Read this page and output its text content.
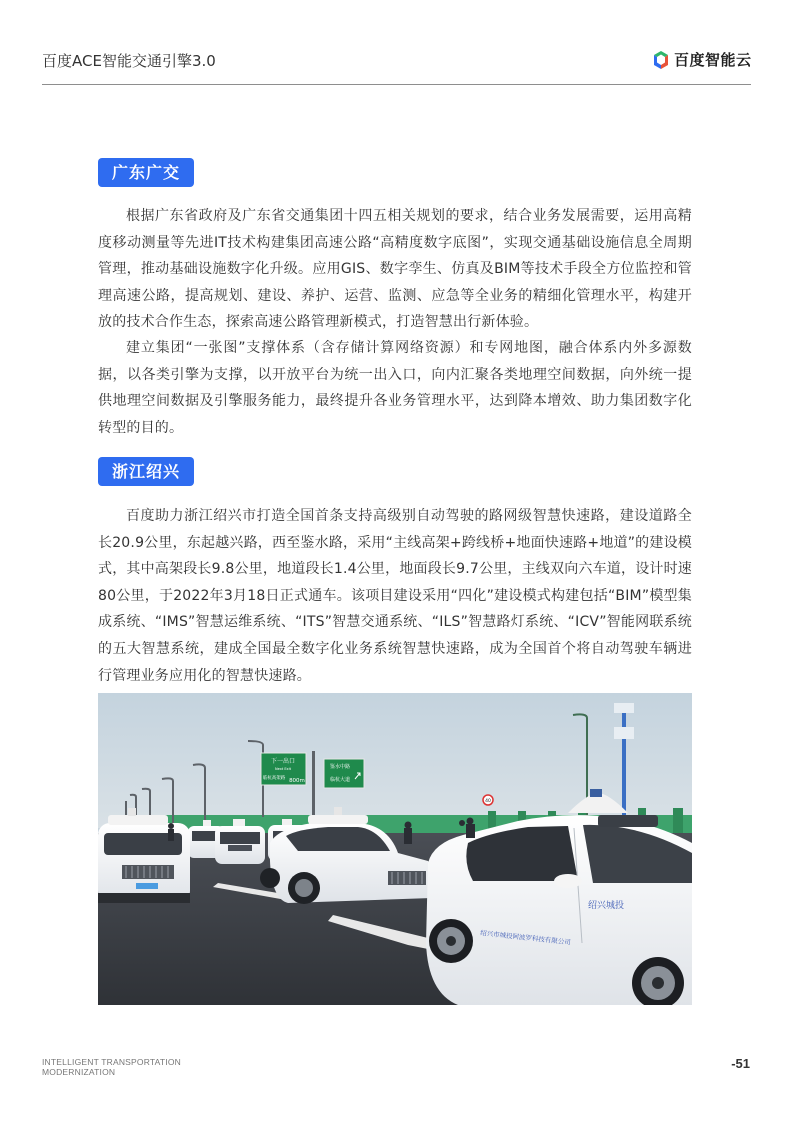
百度ACE智能交通引擎3.0	百度智能云
广东广交

根据广东省政府及广东省交通集团十四五相关规划的要求，结合业务发展需要，运用高精度移动测量等先进IT技术构建集团高速公路“高精度数字底图”，实现交通基础设施信息全周期管理，推动基础设施数字化升级。应用GIS、数字孪生、仿真及BIM等技术手段全方位监控和管理高速公路，提高规划、建设、养护、运营、监测、应急等全业务的精细化管理水平，构建开放的技术合作生态，探索高速公路管理新模式，打造智慧出行新体验。

建立集团“一张图”支撑体系（含存储计算网络资源）和专网地图，融合体系内外多源数据，以各类引擎为支撑，以开放平台为统一出入口，向内汇聚各类地理空间数据，向外统一提供地理空间数据及引擎服务能力，最终提升各业务管理水平，达到降本增效、助力集团数字化转型的目的。

浙江绍兴

百度助力浙江绍兴市打造全国首条支持高级别自动驾驶的路网级智慧快速路，建设道路全长20.9公里，东起越兴路，西至鉴水路，采用“主线高架+跨线桥+地面快速路+地道”的建设模式，其中高架段长9.8公里，地道段长1.4公里，地面段长9.7公里，主线双向六车道，设计时速80公里，于2022年3月18日正式通车。该项目建设采用“四化”建设模式构建包括“BIM”模型集成系统、“IMS”智慧运维系统、“ITS”智慧交通系统、“ILS”智慧路灯系统、“ICV”智能网联系统的五大智慧系统，建成全国最全数字化业务系统智慧快速路，成为全国首个将自动驾驶车辆进行管理业务应用化的智慧快速路。

下一出口
Next Exit
临杭高架路 800m
鉴水中路
临杭大道
40
绍兴城投
绍兴市城投阿波罗科技有限公司
INTELLIGENT TRANSPORTATION
MODERNIZATION
-51
